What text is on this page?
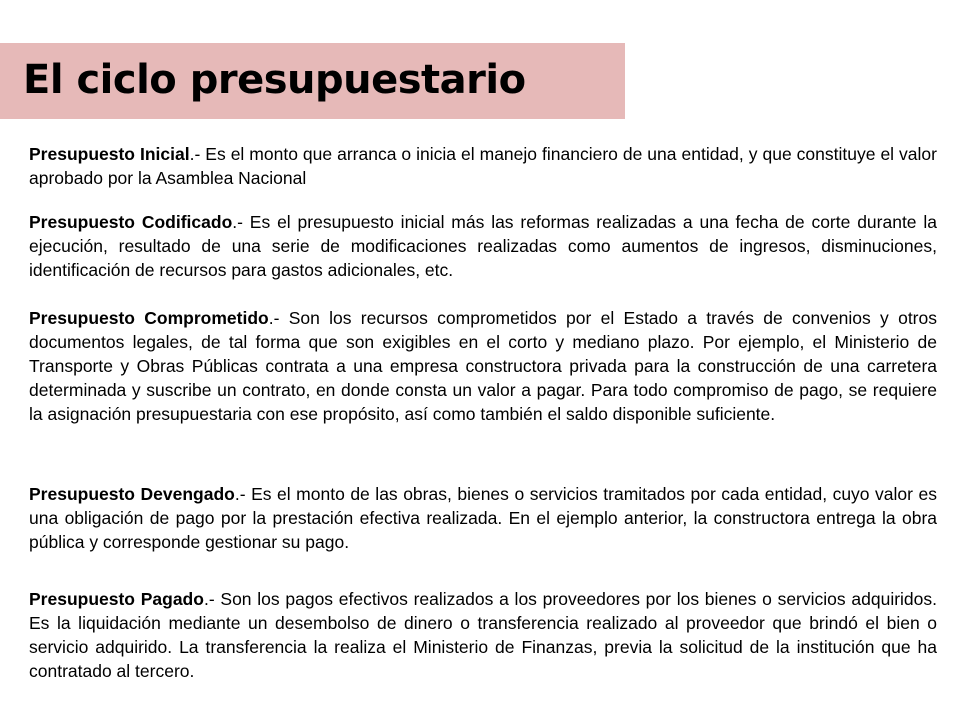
El ciclo presupuestario

Presupuesto Inicial.- Es el monto que arranca o inicia el manejo financiero de una entidad, y que constituye el valor aprobado por la Asamblea Nacional

Presupuesto Codificado.- Es el presupuesto inicial más las reformas realizadas a una fecha de corte durante la ejecución, resultado de una serie de modificaciones realizadas como aumentos de ingresos, disminuciones, identificación de recursos para gastos adicionales, etc.

Presupuesto Comprometido.- Son los recursos comprometidos por el Estado a través de convenios y otros documentos legales, de tal forma que son exigibles en el corto y mediano plazo. Por ejemplo, el Ministerio de Transporte y Obras Públicas contrata a una empresa constructora privada para la construcción de una carretera determinada y suscribe un contrato, en donde consta un valor a pagar. Para todo compromiso de pago, se requiere la asignación presupuestaria con ese propósito, así como también el saldo disponible suficiente.

Presupuesto Devengado.- Es el monto de las obras, bienes o servicios tramitados por cada entidad, cuyo valor es una obligación de pago por la prestación efectiva realizada. En el ejemplo anterior, la constructora entrega la obra pública y corresponde gestionar su pago.

Presupuesto Pagado.- Son los pagos efectivos realizados a los proveedores por los bienes o servicios adquiridos. Es la liquidación mediante un desembolso de dinero o transferencia realizado al proveedor que brindó el bien o servicio adquirido. La transferencia la realiza el Ministerio de Finanzas, previa la solicitud de la institución que ha contratado al tercero.
